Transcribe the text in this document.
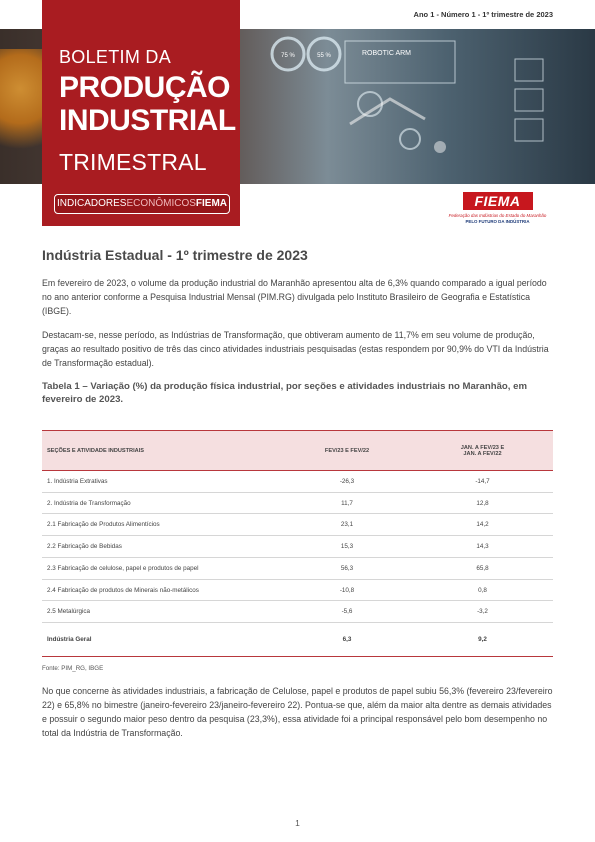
Ano 1 - Número 1 - 1º trimestre de 2023
75 %	55 %	ROBOTIC ARM
BOLETIM DA
PRODUÇÃO
INDUSTRIAL
TRIMESTRAL
INDICADORESECONÔMICOSFIEMA	FIEMA
Federação das Indústrias do Estado do Maranhão
PELO FUTURO DA INDÚSTRIA
Indústria Estadual - 1º trimestre de 2023

Em fevereiro de 2023, o volume da produção industrial do Maranhão apresentou alta de 6,3% quando comparado a igual período no ano anterior conforme a Pesquisa Industrial Mensal (PIM.RG) divulgada pelo Instituto Brasileiro de Geografia e Estatística (IBGE).

Destacam-se, nesse período, as Indústrias de Transformação, que obtiveram aumento de 11,7% em seu volume de produção, graças ao resultado positivo de três das cinco atividades industriais pesquisadas (estas respondem por 90,9% do VTI da Indústria de Transformação estadual).

Tabela 1 – Variação (%) da produção física industrial, por seções e atividades industriais no Maranhão, em fevereiro de 2023.
SEÇÕES E ATIVIDADE INDUSTRIAIS	FEV/23 E FEV/22	JAN. A FEV/23 E
JAN. A FEV/22
1. Indústria Extrativas	-26,3	-14,7
2. Indústria de Transformação	11,7	12,8
2.1 Fabricação de Produtos Alimentícios	23,1	14,2
2.2 Fabricação de Bebidas	15,3	14,3
2.3 Fabricação de celulose, papel e produtos de papel	56,3	65,8
2.4 Fabricação de produtos de Minerais não-metálicos	-10,8	0,8
2.5 Metalúrgica	-5,6	-3,2
Indústria Geral	6,3	9,2
Fonte: PIM_RG, IBGE

No que concerne às atividades industriais, a fabricação de Celulose, papel e produtos de papel subiu 56,3% (fevereiro 23/fevereiro 22) e 65,8% no bimestre (janeiro-fevereiro 23/janeiro-fevereiro 22). Pontua-se que, além da maior alta dentre as demais atividades e possuir o segundo maior peso dentro da pesquisa (23,3%), essa atividade foi a principal responsável pelo bom desempenho no total da Indústria de Transformação.

1
